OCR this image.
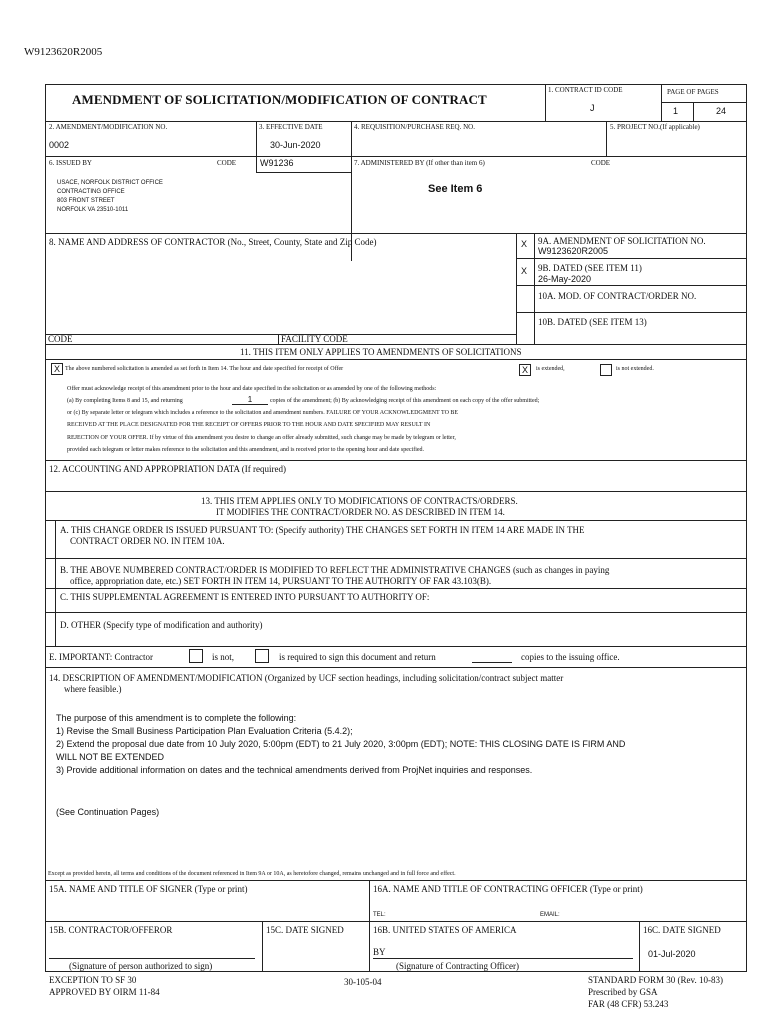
W9123620R2005
AMENDMENT OF SOLICITATION/MODIFICATION OF CONTRACT
1. CONTRACT ID CODE
J
PAGE OF PAGES
1	24
2. AMENDMENT/MODIFICATION NO.
0002
3. EFFECTIVE DATE
30-Jun-2020
4. REQUISITION/PURCHASE REQ. NO.	5. PROJECT NO.(If applicable)
6. ISSUED BY	CODE	W91236
USACE, NORFOLK DISTRICT OFFICE
CONTRACTING OFFICE
803 FRONT STREET
NORFOLK VA 23510-1011
7. ADMINISTERED BY (If other than item 6)	CODE
See Item 6
8. NAME AND ADDRESS OF CONTRACTOR (No., Street, County, State and Zip Code)	X 9A. AMENDMENT OF SOLICITATION NO.
W9123620R2005
X 9B. DATED (SEE ITEM 11)
26-May-2020
10A. MOD. OF CONTRACT/ORDER NO.
10B. DATED (SEE ITEM 13)
CODE	FACILITY CODE
11. THIS ITEM ONLY APPLIES TO AMENDMENTS OF SOLICITATIONS
X The above numbered solicitation is amended as set forth in Item 14. The hour and date specified for receipt of Offer	X	is extended,	is not extended.
Offer must acknowledge receipt of this amendment prior to the hour and date specified in the solicitation or as amended by one of the following methods:
(a) By completing Items 8 and 15, and returning	1	copies of the amendment; (b) By acknowledging receipt of this amendment on each copy of the offer submitted;
or (c) By separate letter or telegram which includes a reference to the solicitation and amendment numbers. FAILURE OF YOUR ACKNOWLEDGMENT TO BE
RECEIVED AT THE PLACE DESIGNATED FOR THE RECEIPT OF OFFERS PRIOR TO THE HOUR AND DATE SPECIFIED MAY RESULT IN
REJECTION OF YOUR OFFER. If by virtue of this amendment you desire to change an offer already submitted, such change may be made by telegram or letter,
provided each telegram or letter makes reference to the solicitation and this amendment, and is received prior to the opening hour and date specified.
12. ACCOUNTING AND APPROPRIATION DATA (If required)
13. THIS ITEM APPLIES ONLY TO MODIFICATIONS OF CONTRACTS/ORDERS.
IT MODIFIES THE CONTRACT/ORDER NO. AS DESCRIBED IN ITEM 14.
A. THIS CHANGE ORDER IS ISSUED PURSUANT TO: (Specify authority) THE CHANGES SET FORTH IN ITEM 14 ARE MADE IN THE
CONTRACT ORDER NO. IN ITEM 10A.
B. THE ABOVE NUMBERED CONTRACT/ORDER IS MODIFIED TO REFLECT THE ADMINISTRATIVE CHANGES (such as changes in paying
office, appropriation date, etc.) SET FORTH IN ITEM 14, PURSUANT TO THE AUTHORITY OF FAR 43.103(B).
C. THIS SUPPLEMENTAL AGREEMENT IS ENTERED INTO PURSUANT TO AUTHORITY OF:
D. OTHER (Specify type of modification and authority)
E. IMPORTANT: Contractor	is not,	is required to sign this document and return	copies to the issuing office.
14. DESCRIPTION OF AMENDMENT/MODIFICATION (Organized by UCF section headings, including solicitation/contract subject matter
where feasible.)
The purpose of this amendment is to complete the following:
1) Revise the Small Business Participation Plan Evaluation Criteria (5.4.2);
2) Extend the proposal due date from 10 July 2020, 5:00pm (EDT) to 21 July 2020, 3:00pm (EDT); NOTE: THIS CLOSING DATE IS FIRM AND
WILL NOT BE EXTENDED
3) Provide additional information on dates and the technical amendments derived from ProjNet inquiries and responses.
(See Continuation Pages)
Except as provided herein, all terms and conditions of the document referenced in Item 9A or 10A, as heretofore changed, remains unchanged and in full force and effect.
15A. NAME AND TITLE OF SIGNER (Type or print)	16A. NAME AND TITLE OF CONTRACTING OFFICER (Type or print)
TEL:	EMAIL:
15B. CONTRACTOR/OFFEROR
(Signature of person authorized to sign)
15C. DATE SIGNED	16B. UNITED STATES OF AMERICA
BY
(Signature of Contracting Officer)
16C. DATE SIGNED
01-Jul-2020
EXCEPTION TO SF 30
APPROVED BY OIRM 11-84
30-105-04	STANDARD FORM 30 (Rev. 10-83)
Prescribed by GSA
FAR (48 CFR) 53.243
